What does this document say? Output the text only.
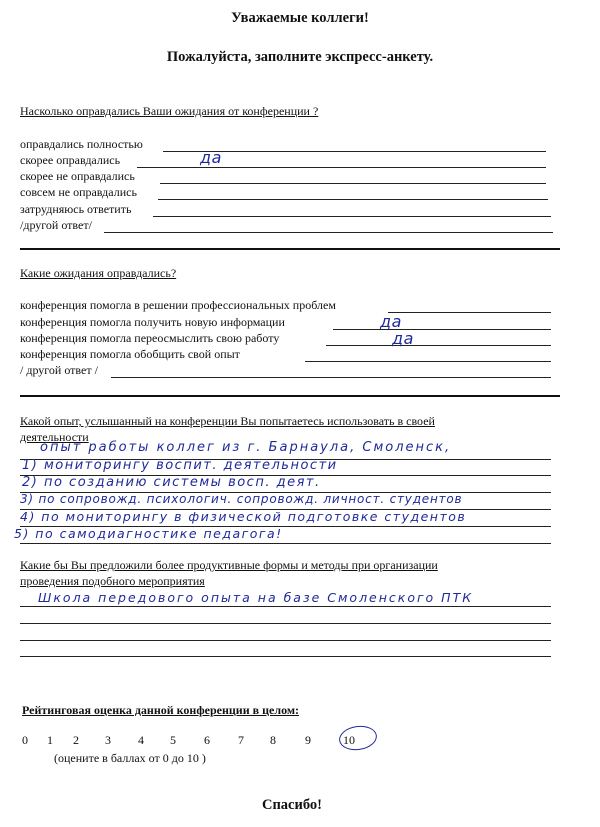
Уважаемые коллеги!
Пожалуйста, заполните экспресс-анкету.
Насколько оправдались Ваши ожидания от конференции ?
оправдались полностью
скорее оправдались	да
скорее не оправдались
совсем не оправдались
затрудняюсь ответить
/другой ответ/
Какие ожидания оправдались?
конференция помогла в решении профессиональных проблем
конференция помогла получить новую информации	да
конференция помогла переосмыслить свою работу	да
конференция помогла обобщить свой опыт
/ другой ответ /
Какой опыт, услышанный на конференции Вы попытаетесь использовать в своей
деятельности
опыт работы коллег из г. Барнаула, Смоленск,
1) мониторингу воспит. деятельности
2) по созданию системы восп. деят.
3) по сопровожд. психологич. сопровожд. личност. студентов
4) по мониторингу в физической подготовке студентов
5) по самодиагностике педагога!
Какие бы Вы предложили более продуктивные формы и методы при организации
проведения подобного мероприятия
Школа передового опыта на базе Смоленского ПТК
Рейтинговая оценка данной конференции в целом:
0 1 2 3 4 5 6 7 8 9	10
(оцените в баллах от 0 до 10 )
Спасибо!
